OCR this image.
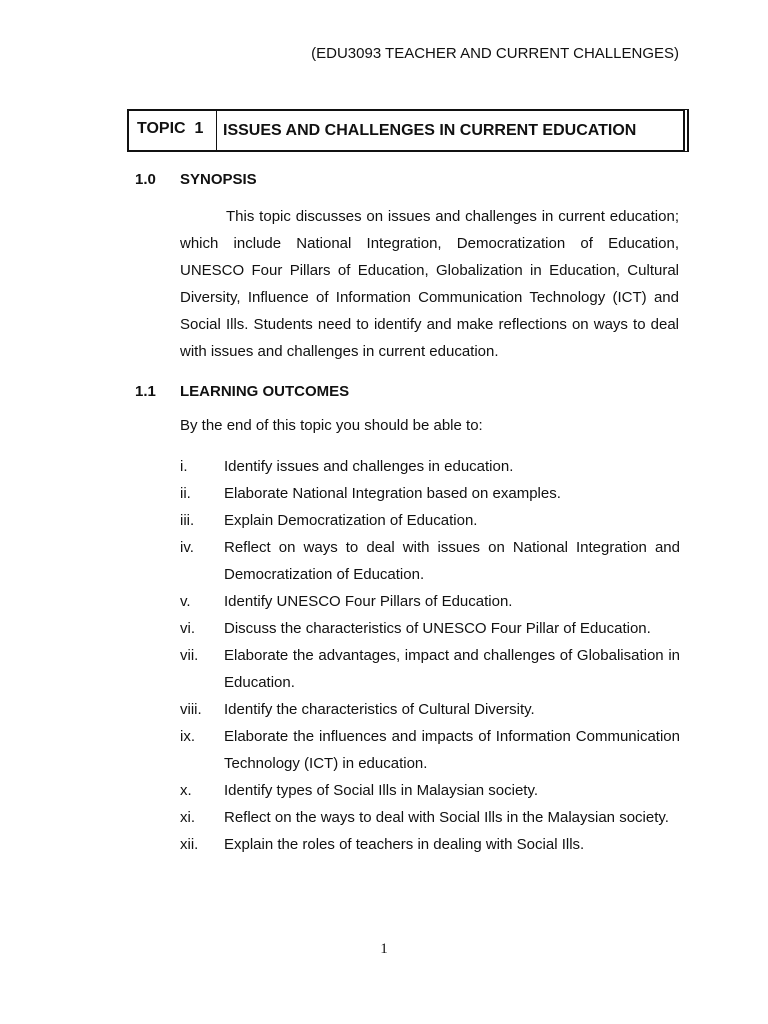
(EDU3093 TEACHER AND CURRENT CHALLENGES)
TOPIC  1	ISSUES AND CHALLENGES IN CURRENT EDUCATION
1.0 SYNOPSIS
This topic discusses on issues and challenges in current education; which include National Integration, Democratization of Education, UNESCO Four Pillars of Education, Globalization in Education, Cultural Diversity, Influence of Information Communication Technology (ICT) and Social Ills. Students need to identify and make reflections on ways to deal with issues and challenges in current education.
1.1 LEARNING OUTCOMES
By the end of this topic you should be able to:
i.	Identify issues and challenges in education.
ii.	Elaborate National Integration based on examples.
iii.	Explain Democratization of Education.
iv.	Reflect on ways to deal with issues on National Integration and Democratization of Education.
v.	Identify UNESCO Four Pillars of Education.
vi.	Discuss the characteristics of UNESCO Four Pillar of Education.
vii.	Elaborate the advantages, impact and challenges of Globalisation in Education.
viii.	Identify the characteristics of Cultural Diversity.
ix.	Elaborate the influences and impacts of Information Communication Technology (ICT) in education.
x.	Identify types of Social Ills in Malaysian society.
xi.	Reflect on the ways to deal with Social Ills in the Malaysian society.
xii.	Explain the roles of teachers in dealing with Social Ills.
1
